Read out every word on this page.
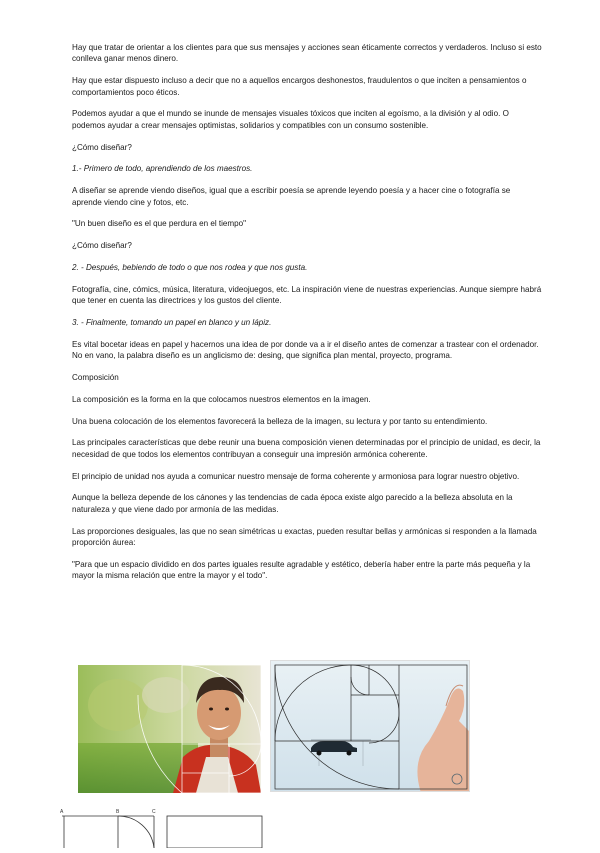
Hay que tratar de orientar a los clientes para que sus mensajes y acciones sean éticamente correctos y verdaderos. Incluso si esto conlleva ganar menos dinero.

Hay que estar dispuesto incluso a decir que no a aquellos encargos deshonestos, fraudulentos o que inciten a pensamientos o comportamientos poco éticos.

Podemos ayudar a que el mundo se inunde de mensajes visuales tóxicos que inciten al egoísmo, a la división y al odio. O podemos ayudar a crear mensajes optimistas, solidarios y compatibles con un consumo sostenible.

¿Cómo diseñar?

1.- Primero de todo, aprendiendo de los maestros.

A diseñar se aprende viendo diseños, igual que a escribir poesía se aprende leyendo poesía y a hacer cine o fotografía se aprende viendo cine y fotos, etc.

"Un buen diseño es el que perdura en el tiempo"

¿Cómo diseñar?

2. - Después, bebiendo de todo o que nos rodea y que nos gusta.

Fotografía, cine, cómics, música, literatura, videojuegos, etc. La inspiración viene de nuestras experiencias. Aunque siempre habrá que tener en cuenta las directrices y los gustos del cliente.

3. - Finalmente, tomando un papel en blanco y un lápiz.

Es vital bocetar ideas en papel y hacernos una idea de por donde va a ir el diseño antes de comenzar a trastear con el ordenador. No en vano, la palabra diseño es un anglicismo de: desing, que significa plan mental, proyecto, programa.

Composición

La composición es la forma en la que colocamos nuestros elementos en la imagen.

Una buena colocación de los elementos favorecerá la belleza de la imagen, su lectura y por tanto su entendimiento.

Las principales características que debe reunir una buena composición vienen determinadas por el principio de unidad, es decir, la necesidad de que todos los elementos contribuyan a conseguir una impresión armónica coherente.

El principio de unidad nos ayuda a comunicar nuestro mensaje de forma coherente y armoniosa para lograr nuestro objetivo.

Aunque la belleza depende de los cánones y las tendencias de cada época existe algo parecido a la belleza absoluta en la naturaleza y que viene dado por armonía de las medidas.

Las proporciones desiguales, las que no sean simétricas u exactas, pueden resultar bellas y armónicas si responden a la llamada proporción áurea:

"Para que un espacio dividido en dos partes iguales resulte agradable y estético, debería haber entre la parte más pequeña y la mayor la misma relación que entre la mayor y el todo".

A	B	C
